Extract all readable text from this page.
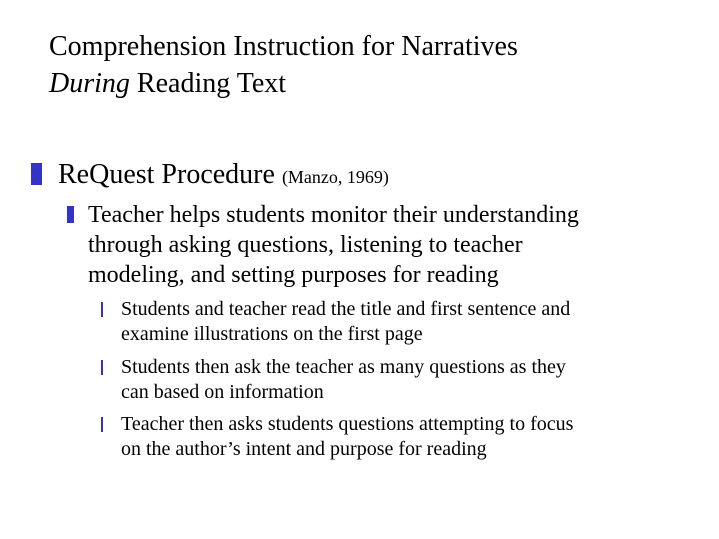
Comprehension Instruction for Narratives
During Reading Text
ReQuest Procedure (Manzo, 1969)
Teacher helps students monitor their understanding
through asking questions, listening to teacher
modeling, and setting purposes for reading
Students and teacher read the title and first sentence and
examine illustrations on the first page
Students then ask the teacher as many questions as they
can based on information
Teacher then asks students questions attempting to focus
on the author’s intent and purpose for reading
